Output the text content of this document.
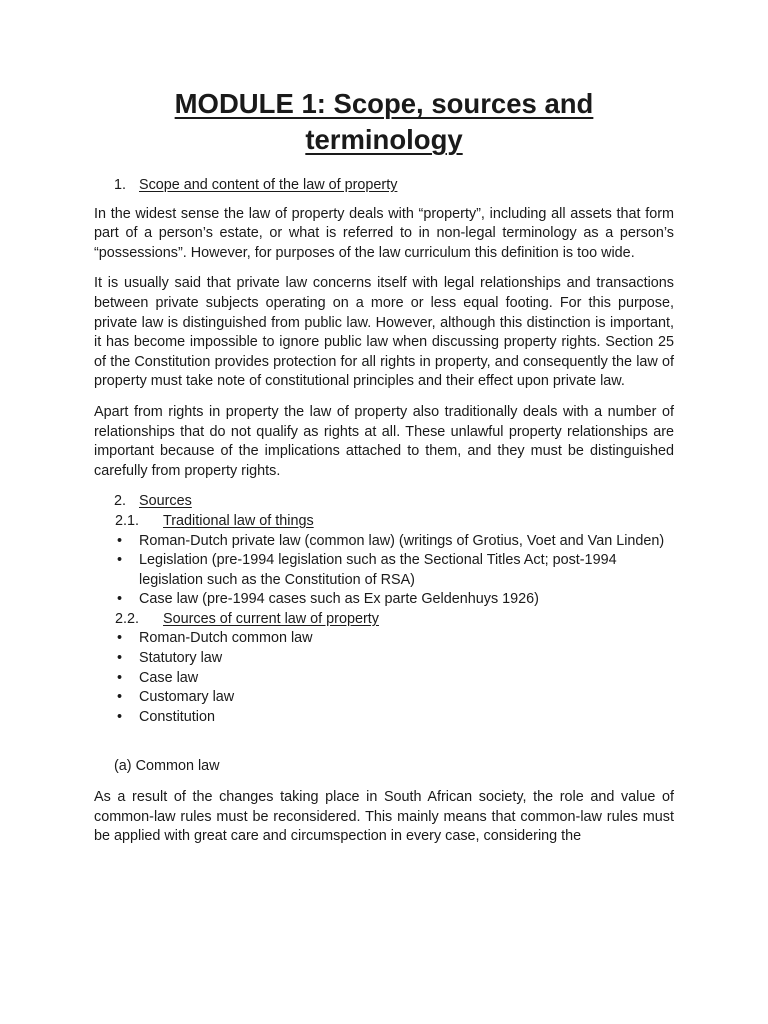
MODULE 1: Scope, sources and terminology

1. Scope and content of the law of property

In the widest sense the law of property deals with “property”, including all assets that form part of a person’s estate, or what is referred to in non-legal terminology as a person’s “possessions”. However, for purposes of the law curriculum this definition is too wide.

It is usually said that private law concerns itself with legal relationships and transactions between private subjects operating on a more or less equal footing. For this purpose, private law is distinguished from public law. However, although this distinction is important, it has become impossible to ignore public law when discussing property rights. Section 25 of the Constitution provides protection for all rights in property, and consequently the law of property must take note of constitutional principles and their effect upon private law.

Apart from rights in property the law of property also traditionally deals with a number of relationships that do not qualify as rights at all. These unlawful property relationships are important because of the implications attached to them, and they must be distinguished carefully from property rights.

2. Sources

2.1. Traditional law of things

• Roman-Dutch private law (common law) (writings of Grotius, Voet and Van Linden)
• Legislation (pre-1994 legislation such as the Sectional Titles Act; post-1994 legislation such as the Constitution of RSA)
• Case law (pre-1994 cases such as Ex parte Geldenhuys 1926)

2.2. Sources of current law of property

• Roman-Dutch common law
• Statutory law
• Case law
• Customary law
• Constitution

(a) Common law

As a result of the changes taking place in South African society, the role and value of common-law rules must be reconsidered. This mainly means that common-law rules must be applied with great care and circumspection in every case, considering the
